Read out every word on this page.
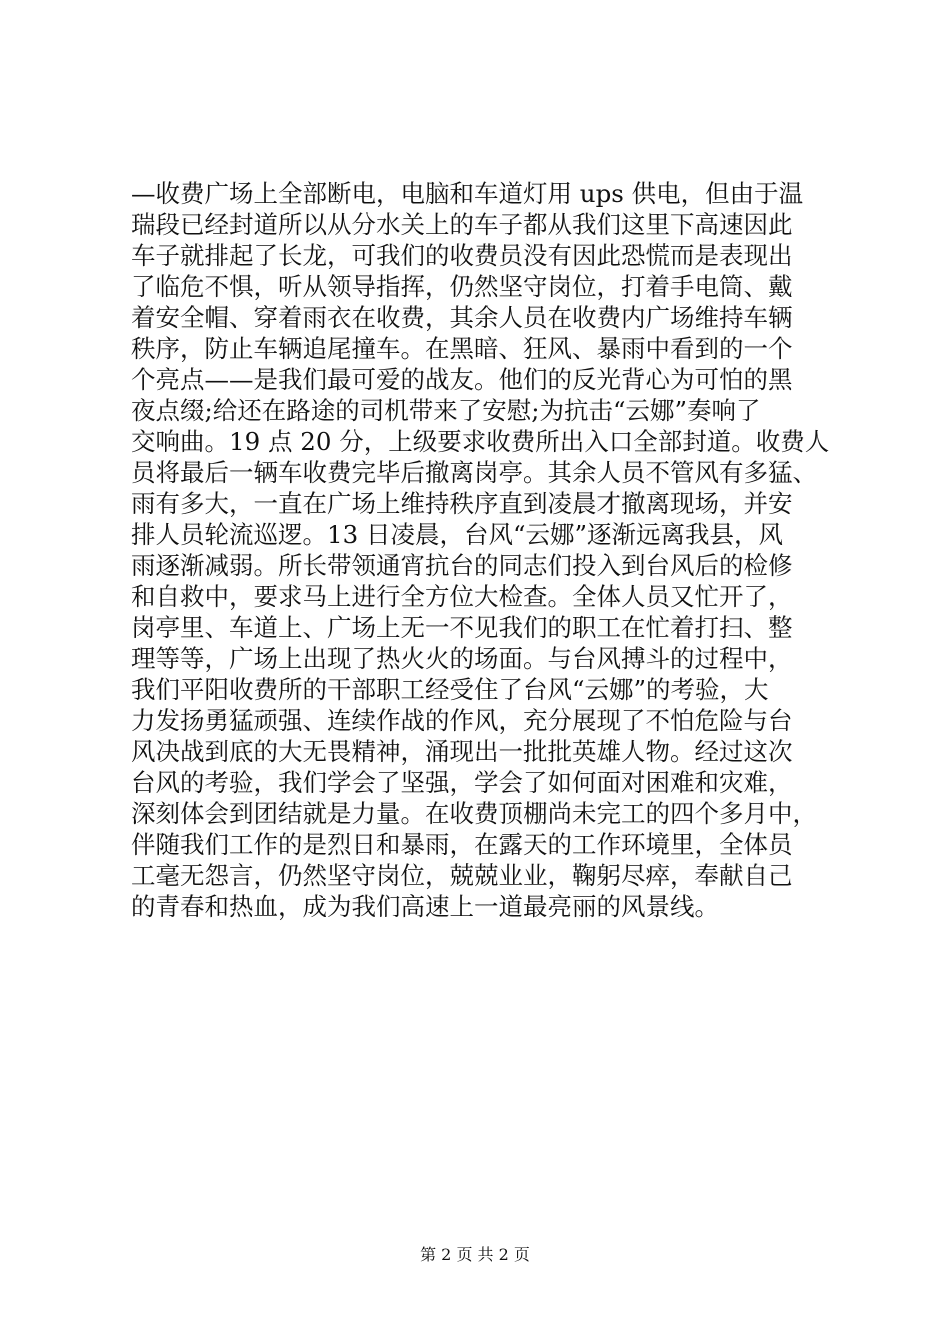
—收费广场上全部断电，电脑和车道灯用 ups 供电，但由于温
瑞段已经封道所以从分水关上的车子都从我们这里下高速因此
车子就排起了长龙，可我们的收费员没有因此恐慌而是表现出
了临危不惧，听从领导指挥，仍然坚守岗位，打着手电筒、戴
着安全帽、穿着雨衣在收费，其余人员在收费内广场维持车辆
秩序，防止车辆追尾撞车。在黑暗、狂风、暴雨中看到的一个
个亮点——是我们最可爱的战友。他们的反光背心为可怕的黑
夜点缀;给还在路途的司机带来了安慰;为抗击“云娜”奏响了
交响曲。19 点 20 分，上级要求收费所出入口全部封道。收费人
员将最后一辆车收费完毕后撤离岗亭。其余人员不管风有多猛、
雨有多大，一直在广场上维持秩序直到凌晨才撤离现场，并安
排人员轮流巡逻。13 日凌晨，台风“云娜”逐渐远离我县，风
雨逐渐减弱。所长带领通宵抗台的同志们投入到台风后的检修
和自救中，要求马上进行全方位大检查。全体人员又忙开了，
岗亭里、车道上、广场上无一不见我们的职工在忙着打扫、整
理等等，广场上出现了热火火的场面。与台风搏斗的过程中，
我们平阳收费所的干部职工经受住了台风“云娜”的考验，大
力发扬勇猛顽强、连续作战的作风，充分展现了不怕危险与台
风决战到底的大无畏精神，涌现出一批批英雄人物。经过这次
台风的考验，我们学会了坚强，学会了如何面对困难和灾难，
深刻体会到团结就是力量。在收费顶棚尚未完工的四个多月中，
伴随我们工作的是烈日和暴雨，在露天的工作环境里，全体员
工毫无怨言，仍然坚守岗位，兢兢业业，鞠躬尽瘁，奉献自己
的青春和热血，成为我们高速上一道最亮丽的风景线。
第 2 页 共 2 页
